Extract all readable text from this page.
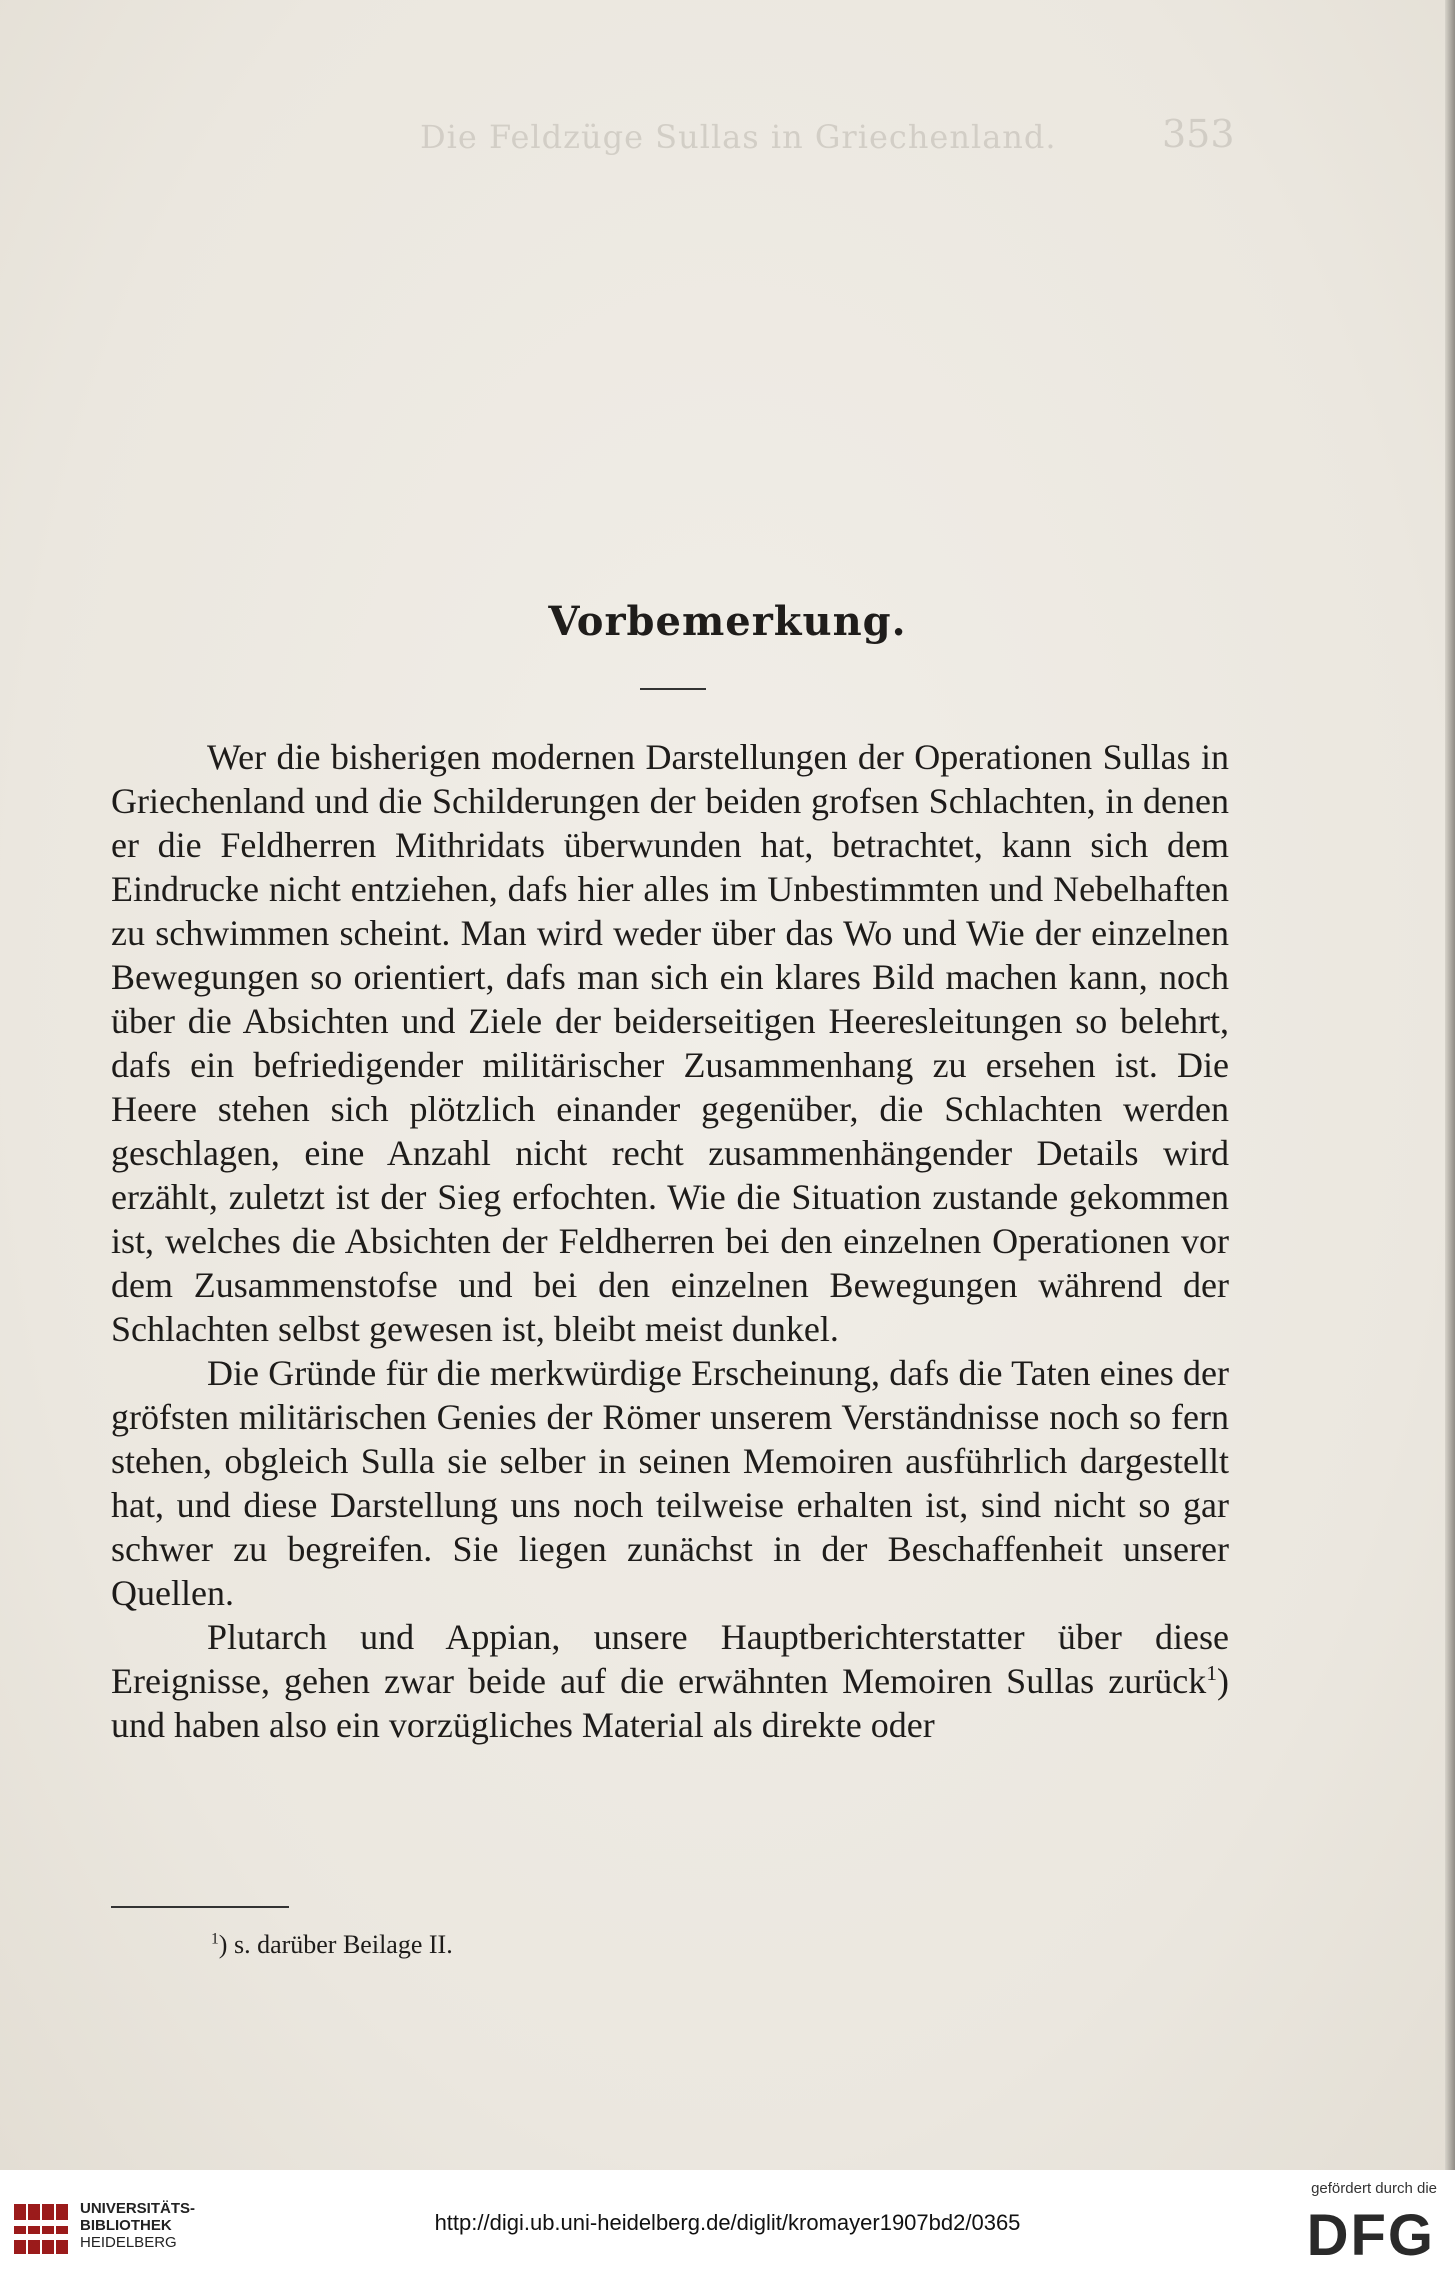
Die Feldzüge Sullas in Griechenland.	353
Vorbemerkung.

Wer die bisherigen modernen Darstellungen der Operationen Sullas in Griechenland und die Schilderungen der beiden grofsen Schlachten, in denen er die Feldherren Mithridats überwunden hat, betrachtet, kann sich dem Eindrucke nicht entziehen, dafs hier alles im Unbestimmten und Nebelhaften zu schwimmen scheint. Man wird weder über das Wo und Wie der einzelnen Bewegungen so orientiert, dafs man sich ein klares Bild machen kann, noch über die Absichten und Ziele der beiderseitigen Heeresleitungen so belehrt, dafs ein befriedigender militärischer Zusammenhang zu ersehen ist. Die Heere stehen sich plötzlich einander gegenüber, die Schlachten werden geschlagen, eine Anzahl nicht recht zusammenhängender Details wird erzählt, zuletzt ist der Sieg erfochten. Wie die Situation zustande gekommen ist, welches die Absichten der Feldherren bei den einzelnen Operationen vor dem Zusammenstofse und bei den einzelnen Bewegungen während der Schlachten selbst gewesen ist, bleibt meist dunkel.

Die Gründe für die merkwürdige Erscheinung, dafs die Taten eines der gröfsten militärischen Genies der Römer unserem Verständnisse noch so fern stehen, obgleich Sulla sie selber in seinen Memoiren ausführlich dargestellt hat, und diese Darstellung uns noch teilweise erhalten ist, sind nicht so gar schwer zu begreifen. Sie liegen zunächst in der Beschaffenheit unserer Quellen.

Plutarch und Appian, unsere Hauptberichterstatter über diese Ereignisse, gehen zwar beide auf die erwähnten Memoiren Sullas zurück$^1$) und haben also ein vorzügliches Material als direkte oder

$^1$) s. darüber Beilage II.
UNIVERSITÄTS-
BIBLIOTHEK
HEIDELBERG
http://digi.ub.uni-heidelberg.de/diglit/kromayer1907bd2/0365
gefördert durch die
DFG
